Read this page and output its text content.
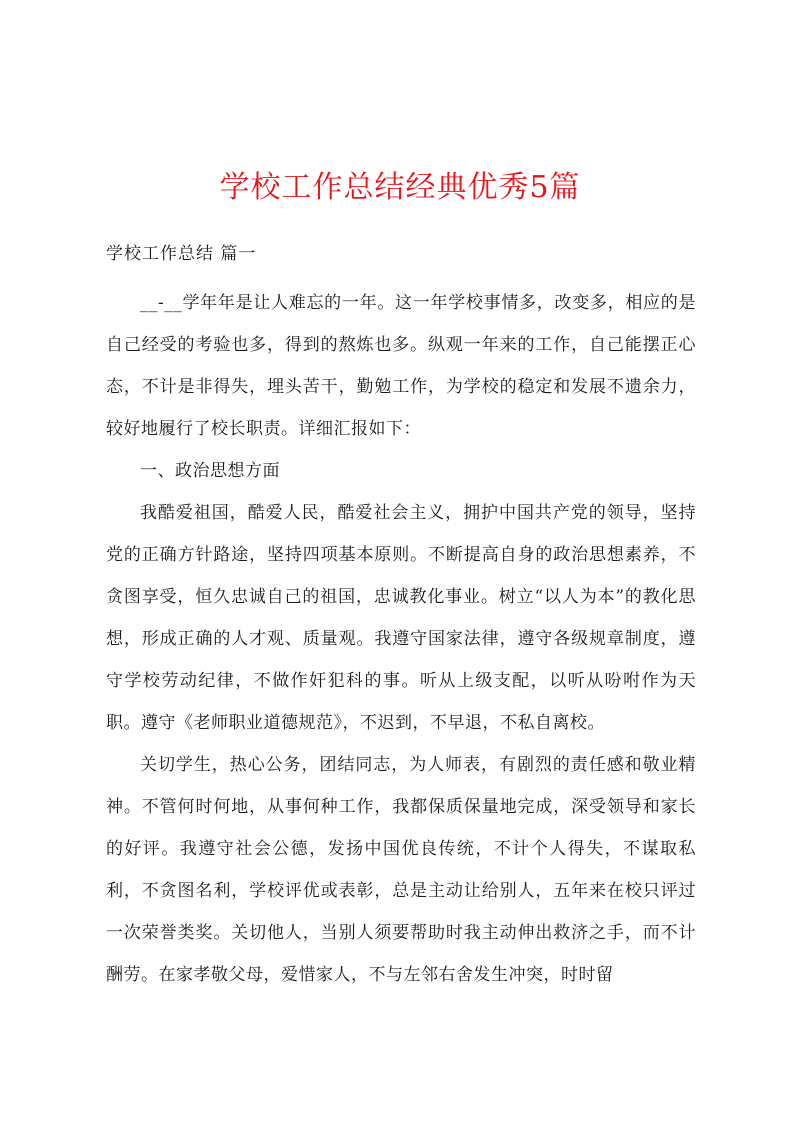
学校工作总结经典优秀5篇
学校工作总结 篇一

__-__学年年是让人难忘的一年。这一年学校事情多，改变多，相应的是自己经受的考验也多，得到的熬炼也多。纵观一年来的工作，自己能摆正心态，不计是非得失，埋头苦干，勤勉工作，为学校的稳定和发展不遗余力，较好地履行了校长职责。详细汇报如下：

一、政治思想方面

我酷爱祖国，酷爱人民，酷爱社会主义，拥护中国共产党的领导，坚持党的正确方针路途，坚持四项基本原则。不断提高自身的政治思想素养，不贪图享受，恒久忠诚自己的祖国，忠诚教化事业。树立“以人为本”的教化思想，形成正确的人才观、质量观。我遵守国家法律，遵守各级规章制度，遵守学校劳动纪律，不做作奸犯科的事。听从上级支配，以听从吩咐作为天职。遵守《老师职业道德规范》，不迟到，不早退，不私自离校。

关切学生，热心公务，团结同志，为人师表，有剧烈的责任感和敬业精神。不管何时何地，从事何种工作，我都保质保量地完成，深受领导和家长的好评。我遵守社会公德，发扬中国优良传统，不计个人得失，不谋取私利，不贪图名利，学校评优或表彰，总是主动让给别人，五年来在校只评过一次荣誉类奖。关切他人，当别人须要帮助时我主动伸出救济之手，而不计酬劳。在家孝敬父母，爱惜家人，不与左邻右舍发生冲突，时时留
